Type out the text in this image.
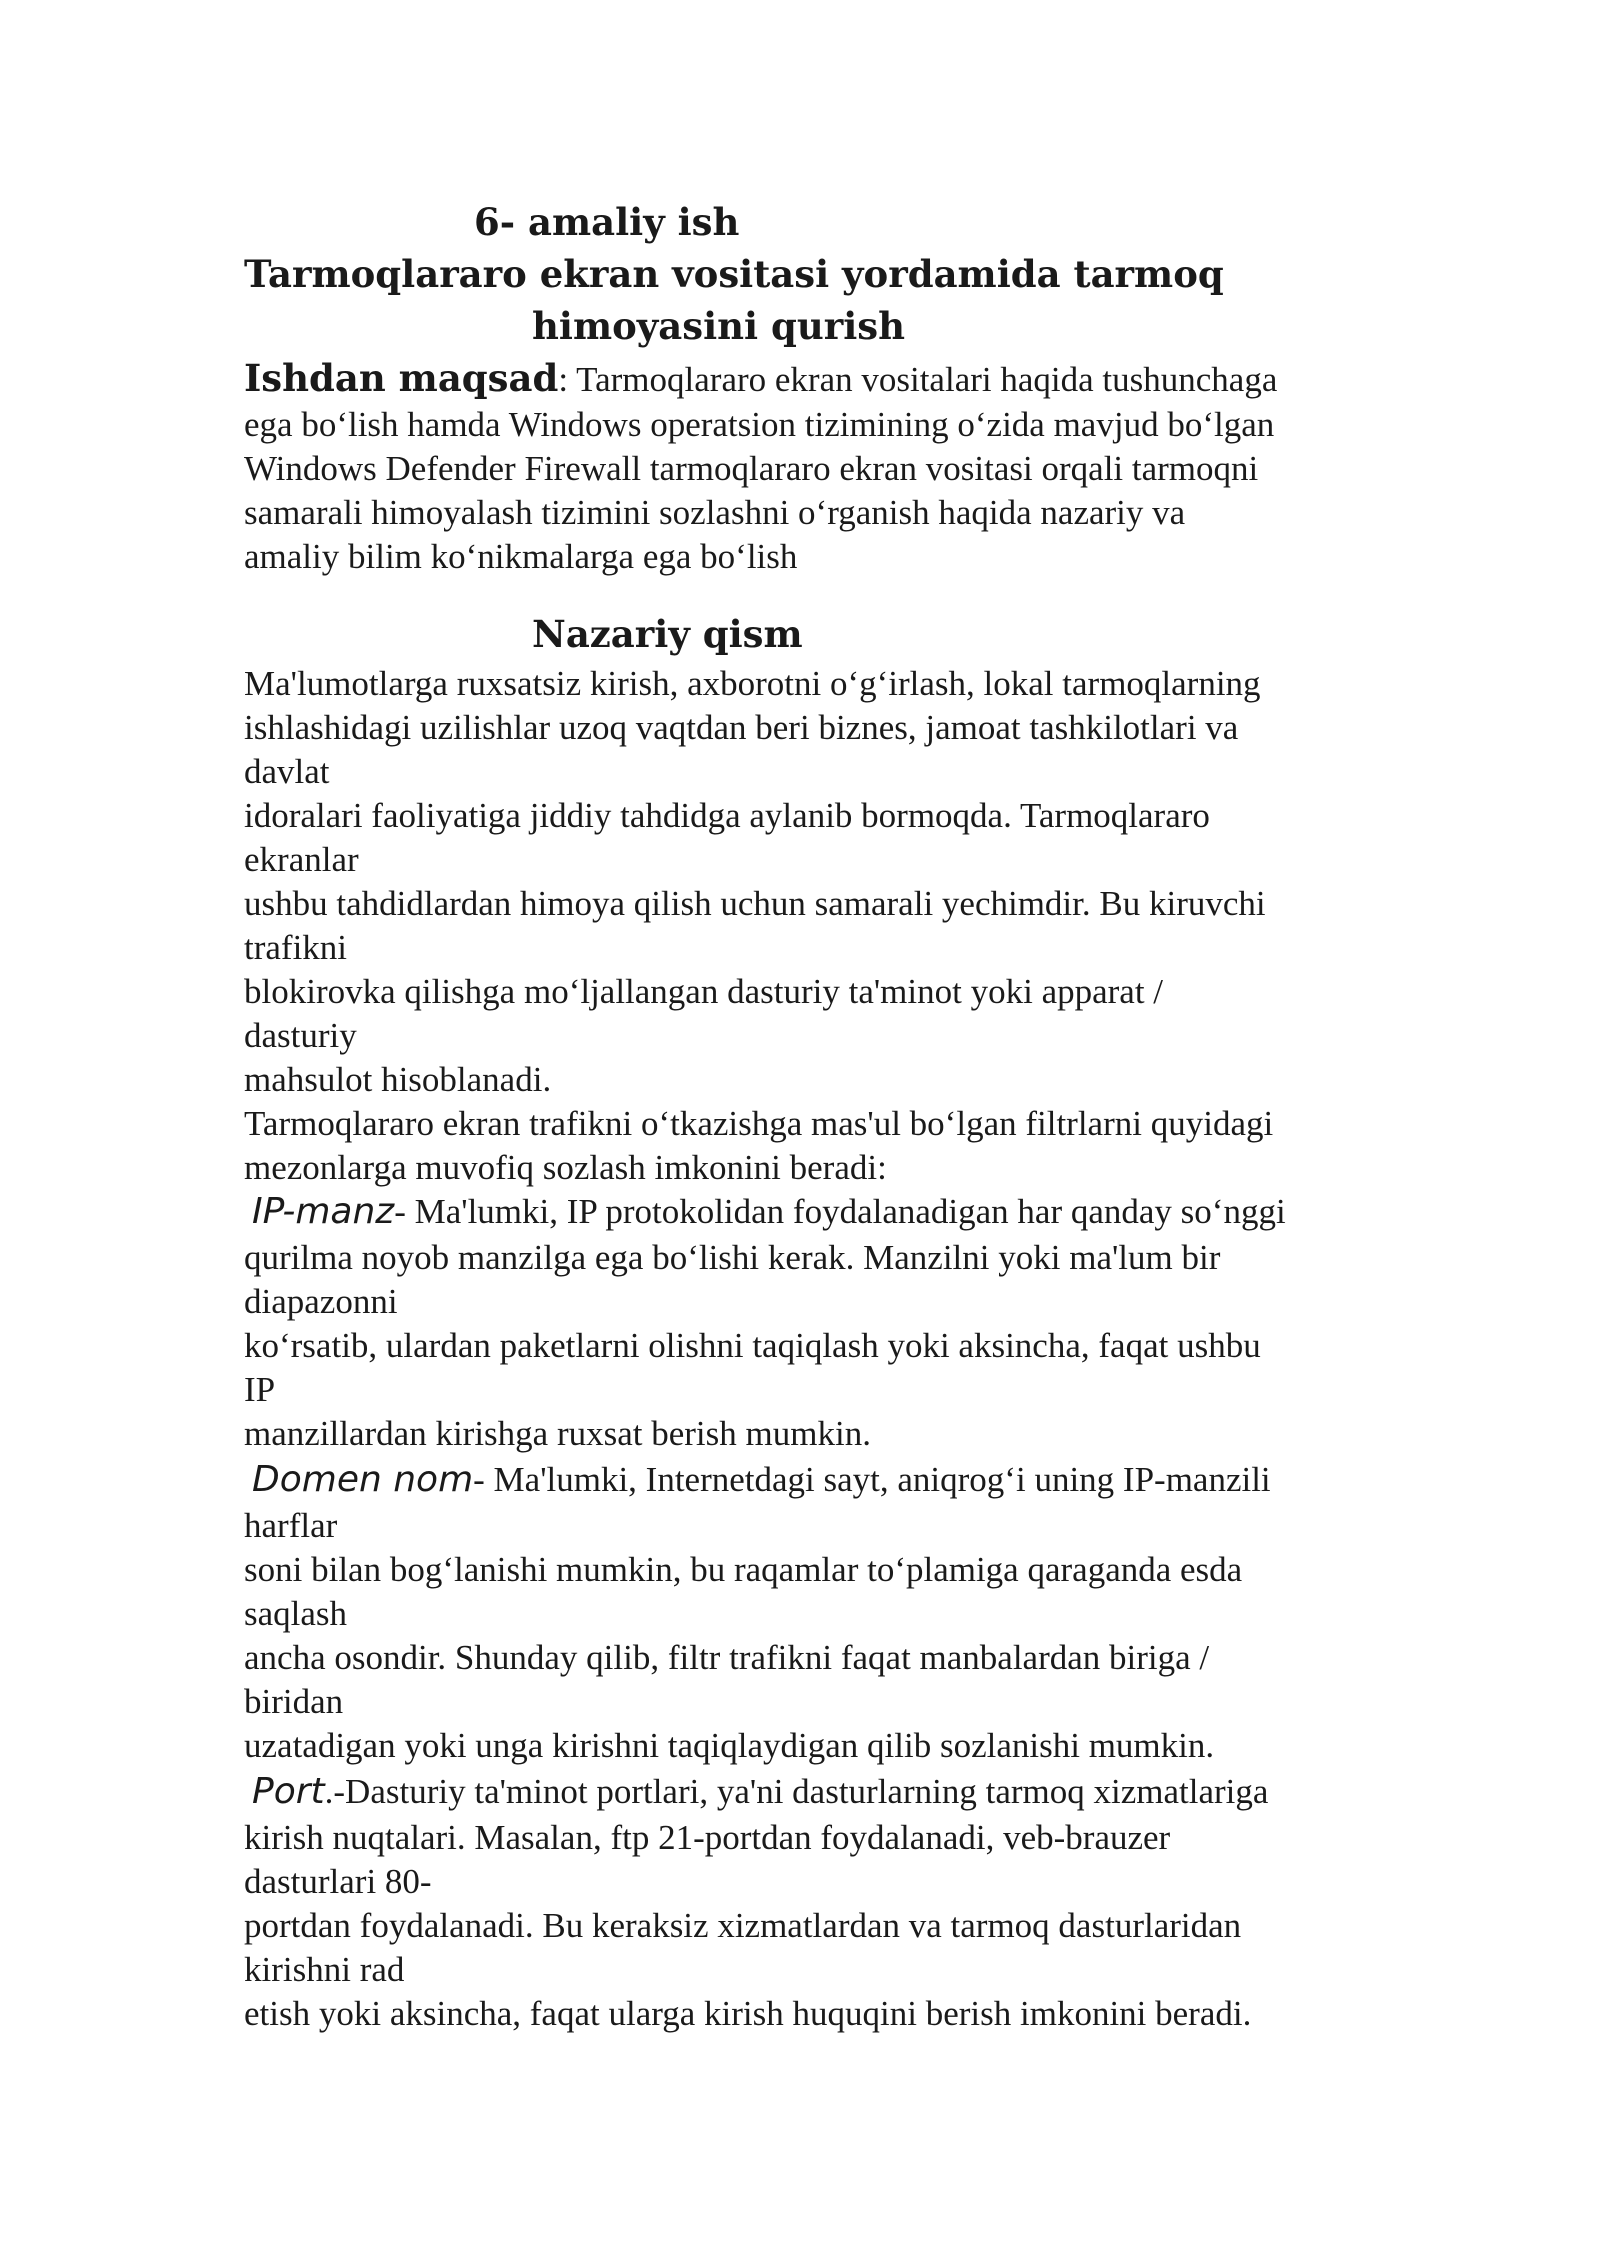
6- amaliy ish
Tarmoqlararo ekran vositasi yordamida tarmoq
himoyasini qurish
Ishdan maqsad: Tarmoqlararo ekran vositalari haqida tushunchaga
ega bo‘lish hamda Windows operatsion tizimining o‘zida mavjud bo‘lgan
Windows Defender Firewall tarmoqlararo ekran vositasi orqali tarmoqni
samarali himoyalash tizimini sozlashni o‘rganish haqida nazariy va
amaliy bilim ko‘nikmalarga ega bo‘lish
Nazariy qism
Ma'lumotlarga ruxsatsiz kirish, axborotni o‘g‘irlash, lokal tarmoqlarning
ishlashidagi uzilishlar uzoq vaqtdan beri biznes, jamoat tashkilotlari va
davlat
idoralari faoliyatiga jiddiy tahdidga aylanib bormoqda. Tarmoqlararo
ekranlar
ushbu tahdidlardan himoya qilish uchun samarali yechimdir. Bu kiruvchi
trafikni
blokirovka qilishga mo‘ljallangan dasturiy ta'minot yoki apparat /
dasturiy
mahsulot hisoblanadi.
Tarmoqlararo ekran trafikni o‘tkazishga mas'ul bo‘lgan filtrlarni quyidagi
mezonlarga muvofiq sozlash imkonini beradi:
IP-manz- Ma'lumki, IP protokolidan foydalanadigan har qanday so‘nggi
qurilma noyob manzilga ega bo‘lishi kerak. Manzilni yoki ma'lum bir
diapazonni
ko‘rsatib, ulardan paketlarni olishni taqiqlash yoki aksincha, faqat ushbu
IP
manzillardan kirishga ruxsat berish mumkin.
Domen nom- Ma'lumki, Internetdagi sayt, aniqrog‘i uning IP-manzili
harflar
soni bilan bog‘lanishi mumkin, bu raqamlar to‘plamiga qaraganda esda
saqlash
ancha osondir. Shunday qilib, filtr trafikni faqat manbalardan biriga /
biridan
uzatadigan yoki unga kirishni taqiqlaydigan qilib sozlanishi mumkin.
Port.-Dasturiy ta'minot portlari, ya'ni dasturlarning tarmoq xizmatlariga
kirish nuqtalari. Masalan, ftp 21-portdan foydalanadi, veb-brauzer
dasturlari 80-
portdan foydalanadi. Bu keraksiz xizmatlardan va tarmoq dasturlaridan
kirishni rad
etish yoki aksincha, faqat ularga kirish huquqini berish imkonini beradi.
